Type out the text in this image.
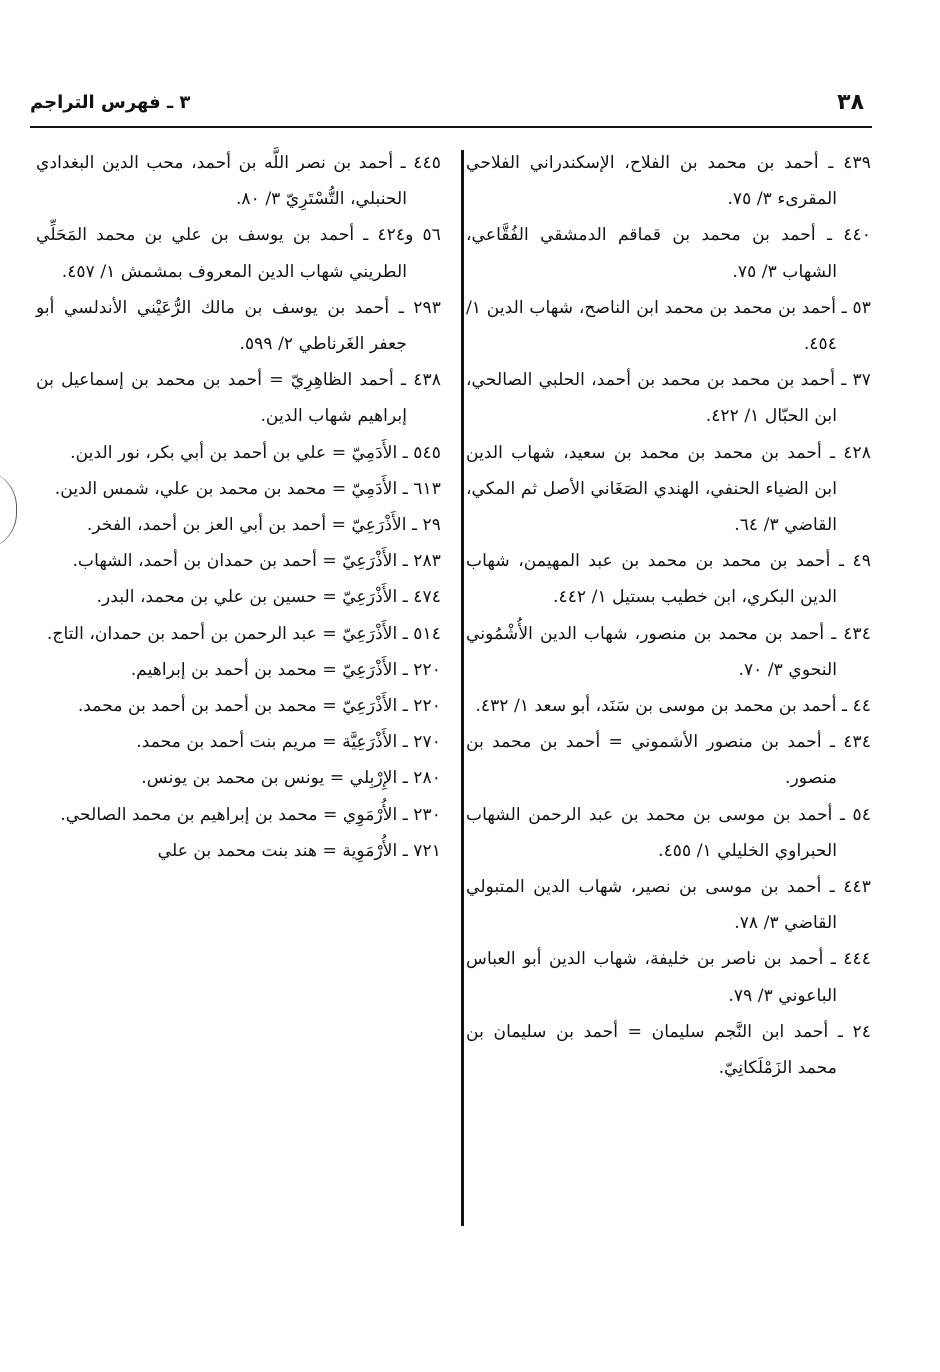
٣٨
٣ ـ فهرس التراجم

٤٣٩ ـ أحمد بن محمد بن الفلاح، الإسكندراني الفلاحي المقرىء ٣/ ٧٥.

٤٤٠ ـ أحمد بن محمد بن قماقم الدمشقي الفُقَّاعي، الشهاب ٣/ ٧٥.

٥٣ ـ أحمد بن محمد بن محمد ابن الناصح، شهاب الدين ١/ ٤٥٤.

٣٧ ـ أحمد بن محمد بن محمد بن أحمد، الحلبي الصالحي، ابن الحبّال ١/ ٤٢٢.

٤٢٨ ـ أحمد بن محمد بن محمد بن سعيد، شهاب الدين ابن الضياء الحنفي، الهندي الصَغَاني الأصل ثم المكي، القاضي ٣/ ٦٤.

٤٩ ـ أحمد بن محمد بن محمد بن عبد المهيمن، شهاب الدين البكري، ابن خطيب بستيل ١/ ٤٤٢.

٤٣٤ ـ أحمد بن محمد بن منصور، شهاب الدين الأُشْمُوني النحوي ٣/ ٧٠.

٤٤ ـ أحمد بن محمد بن موسى بن سَنَد، أبو سعد ١/ ٤٣٢.

٤٣٤ ـ أحمد بن منصور الأشموني = أحمد بن محمد بن منصور.

٥٤ ـ أحمد بن موسى بن محمد بن عبد الرحمن الشهاب الحبراوي الخليلي ١/ ٤٥٥.

٤٤٣ ـ أحمد بن موسى بن نصير، شهاب الدين المتبولي القاضي ٣/ ٧٨.

٤٤٤ ـ أحمد بن ناصر بن خليفة، شهاب الدين أبو العباس الباعوني ٣/ ٧٩.

٢٤ ـ أحمد ابن النَّجم سليمان = أحمد بن سليمان بن محمد الزَمْلَكانِيّ.

٤٤٥ ـ أحمد بن نصر اللَّه بن أحمد، محب الدين البغدادي الحنبلي، التُّسْتَرِيّ ٣/ ٨٠.

٥٦ و٤٢٤ ـ أحمد بن يوسف بن علي بن محمد المَحَلِّي الطريني شهاب الدين المعروف بمشمش ١/ ٤٥٧.

٢٩٣ ـ أحمد بن يوسف بن مالك الرُّعَيْني الأندلسي أبو جعفر الغَرناطي ٢/ ٥٩٩.

٤٣٨ ـ أحمد الظاهِرِيّ = أحمد بن محمد بن إسماعيل بن إبراهيم شهاب الدين.

٥٤٥ ـ الأَدَمِيّ = علي بن أحمد بن أبي بكر، نور الدين.

٦١٣ ـ الأَدَمِيّ = محمد بن محمد بن علي، شمس الدين.

٢٩ ـ الأَذْرَعِيّ = أحمد بن أبي العز بن أحمد، الفخر.

٢٨٣ ـ الأَذْرَعِيّ = أحمد بن حمدان بن أحمد، الشهاب.

٤٧٤ ـ الأَذْرَعِيّ = حسين بن علي بن محمد، البدر.

٥١٤ ـ الأَذْرَعِيّ = عبد الرحمن بن أحمد بن حمدان، التاج.

٢٢٠ ـ الأَذْرَعِيّ = محمد بن أحمد بن إبراهيم.

٢٢٠ ـ الأَذْرَعِيّ = محمد بن أحمد بن أحمد بن محمد.

٢٧٠ ـ الأَذْرَعِيَّة = مريم بنت أحمد بن محمد.

٢٨٠ ـ الإِرْبِلي = يونس بن محمد بن يونس.

٢٣٠ ـ الأُرْمَوِي = محمد بن إبراهيم بن محمد الصالحي.

٧٢١ ـ الأُرْمَوِية = هند بنت محمد بن علي
